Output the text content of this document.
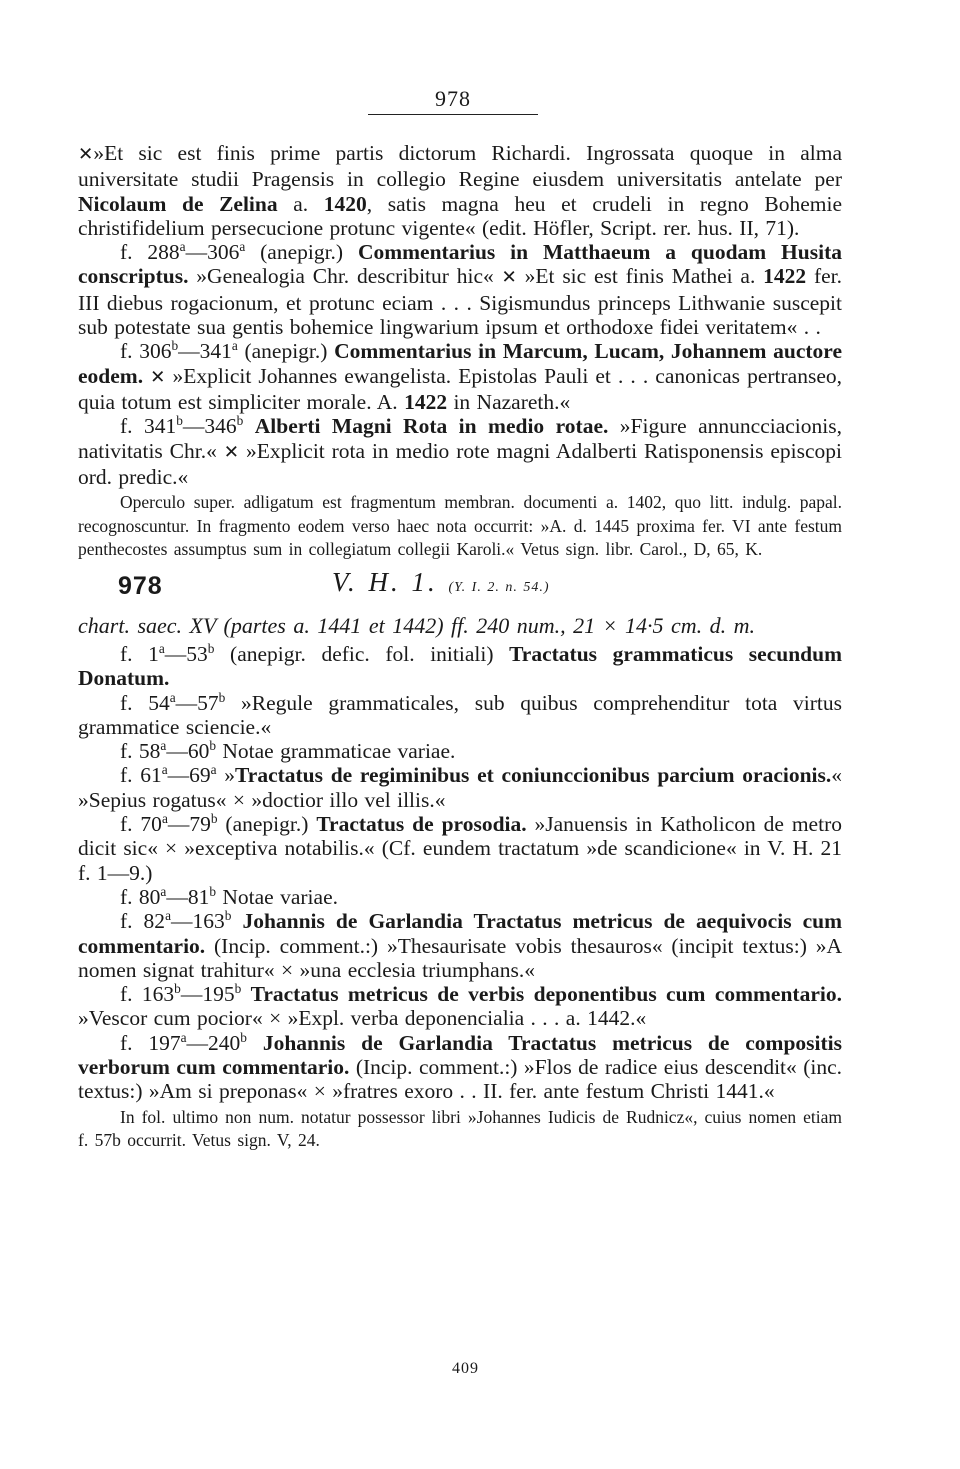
978

✕»Et sic est finis prime partis dictorum Richardi. Ingrossata quoque in alma universitate studii Pragensis in collegio Regine eiusdem universitatis antelate per Nicolaum de Zelina a. 1420, satis magna heu et crudeli in regno Bohemie christifidelium persecucione protunc vigente« (edit. Höfler, Script. rer. hus. II, 71).

f. 288$^a$—306$^a$ (anepigr.) Commentarius in Matthaeum a quodam Husita conscriptus. »Genealogia Chr. describitur hic« ✕ »Et sic est finis Mathei a. 1422 fer. III diebus rogacionum, et protunc eciam . . . Sigismundus princeps Lithwanie suscepit sub potestate sua gentis bohemice lingwarium ipsum et orthodoxe fidei veritatem« . .

f. 306$^b$—341$^a$ (anepigr.) Commentarius in Marcum, Lucam, Johannem auctore eodem. ✕ »Explicit Johannes ewangelista. Epistolas Pauli et . . . canonicas pertranseo, quia totum est simpliciter morale. A. 1422 in Nazareth.«

f. 341$^b$—346$^b$ Alberti Magni Rota in medio rotae. »Figure annuncciacionis, nativitatis Chr.« ✕ »Explicit rota in medio rote magni Adalberti Ratisponensis episcopi ord. predic.«

Operculo super. adligatum est fragmentum membran. documenti a. 1402, quo litt. indulg. papal. recognoscuntur. In fragmento eodem verso haec nota occurrit: »A. d. 1445 proxima fer. VI ante festum penthecostes assumptus sum in collegiatum collegii Karoli.« Vetus sign. libr. Carol., D, 65, K.

978	V. H. 1. (Y. I. 2. n. 54.)

chart. saec. XV (partes a. 1441 et 1442) ff. 240 num., 21 × 14·5 cm. d. m.

f. 1$^a$—53$^b$ (anepigr. defic. fol. initiali) Tractatus grammaticus secundum Donatum.

f. 54$^a$—57$^b$ »Regule grammaticales, sub quibus comprehenditur tota virtus grammatice sciencie.«

f. 58$^a$—60$^b$ Notae grammaticae variae.

f. 61$^a$—69$^a$ »Tractatus de regiminibus et coniunccionibus parcium oracionis.« »Sepius rogatus« × »doctior illo vel illis.«

f. 70$^a$—79$^b$ (anepigr.) Tractatus de prosodia. »Januensis in Katholicon de metro dicit sic« × »exceptiva notabilis.« (Cf. eundem tractatum »de scandicione« in V. H. 21 f. 1—9.)

f. 80$^a$—81$^b$ Notae variae.

f. 82$^a$—163$^b$ Johannis de Garlandia Tractatus metricus de aequivocis cum commentario. (Incip. comment.:) »Thesaurisate vobis thesauros« (incipit textus:) »A nomen signat trahitur« × »una ecclesia triumphans.«

f. 163$^b$—195$^b$ Tractatus metricus de verbis deponentibus cum commentario. »Vescor cum pocior« × »Expl. verba deponencialia . . . a. 1442.«

f. 197$^a$—240$^b$ Johannis de Garlandia Tractatus metricus de compositis verborum cum commentario. (Incip. comment.:) »Flos de radice eius descendit« (inc. textus:) »Am si preponas« × »fratres exoro . . II. fer. ante festum Christi 1441.«

In fol. ultimo non num. notatur possessor libri »Johannes Iudicis de Rudnicz«, cuius nomen etiam f. 57b occurrit. Vetus sign. V, 24.

409
